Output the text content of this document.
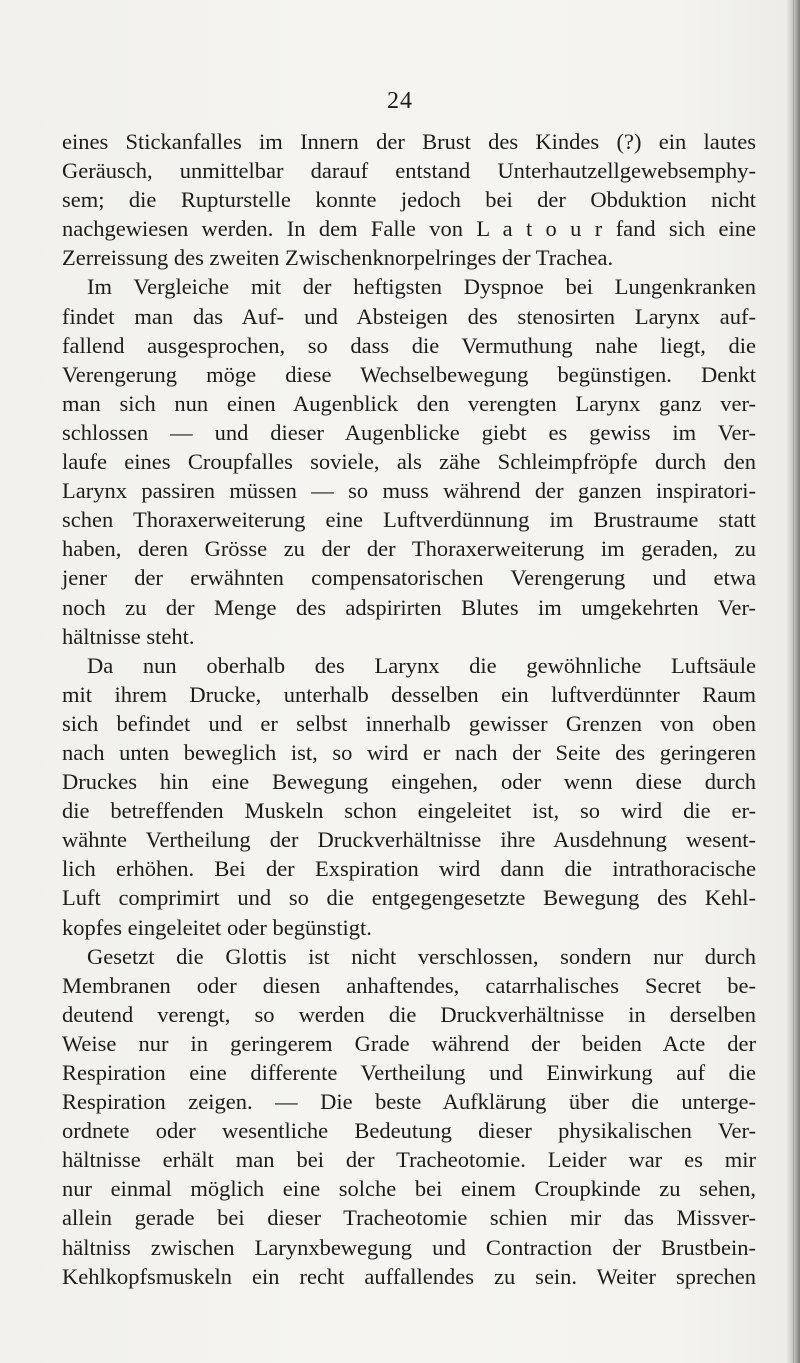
24
eines Stickanfalles im Innern der Brust des Kindes (?) ein lautes
Geräusch, unmittelbar darauf entstand Unterhautzellgewebsemphy-
sem; die Rupturstelle konnte jedoch bei der Obduktion nicht
nachgewiesen werden. In dem Falle von L a t o u r fand sich eine
Zerreissung des zweiten Zwischenknorpelringes der Trachea.
Im Vergleiche mit der heftigsten Dyspnoe bei Lungenkranken
findet man das Auf- und Absteigen des stenosirten Larynx auf-
fallend ausgesprochen, so dass die Vermuthung nahe liegt, die
Verengerung möge diese Wechselbewegung begünstigen. Denkt
man sich nun einen Augenblick den verengten Larynx ganz ver-
schlossen — und dieser Augenblicke giebt es gewiss im Ver-
laufe eines Croupfalles soviele, als zähe Schleimpfröpfe durch den
Larynx passiren müssen — so muss während der ganzen inspiratori-
schen Thoraxerweiterung eine Luftverdünnung im Brustraume statt
haben, deren Grösse zu der der Thoraxerweiterung im geraden, zu
jener der erwähnten compensatorischen Verengerung und etwa
noch zu der Menge des adspirirten Blutes im umgekehrten Ver-
hältnisse steht.
Da nun oberhalb des Larynx die gewöhnliche Luftsäule
mit ihrem Drucke, unterhalb desselben ein luftverdünnter Raum
sich befindet und er selbst innerhalb gewisser Grenzen von oben
nach unten beweglich ist, so wird er nach der Seite des geringeren
Druckes hin eine Bewegung eingehen, oder wenn diese durch
die betreffenden Muskeln schon eingeleitet ist, so wird die er-
wähnte Vertheilung der Druckverhältnisse ihre Ausdehnung wesent-
lich erhöhen. Bei der Exspiration wird dann die intrathoracische
Luft comprimirt und so die entgegengesetzte Bewegung des Kehl-
kopfes eingeleitet oder begünstigt.
Gesetzt die Glottis ist nicht verschlossen, sondern nur durch
Membranen oder diesen anhaftendes, catarrhalisches Secret be-
deutend verengt, so werden die Druckverhältnisse in derselben
Weise nur in geringerem Grade während der beiden Acte der
Respiration eine differente Vertheilung und Einwirkung auf die
Respiration zeigen. — Die beste Aufklärung über die unterge-
ordnete oder wesentliche Bedeutung dieser physikalischen Ver-
hältnisse erhält man bei der Tracheotomie. Leider war es mir
nur einmal möglich eine solche bei einem Croupkinde zu sehen,
allein gerade bei dieser Tracheotomie schien mir das Missver-
hältniss zwischen Larynxbewegung und Contraction der Brustbein-
Kehlkopfsmuskeln ein recht auffallendes zu sein. Weiter sprechen
